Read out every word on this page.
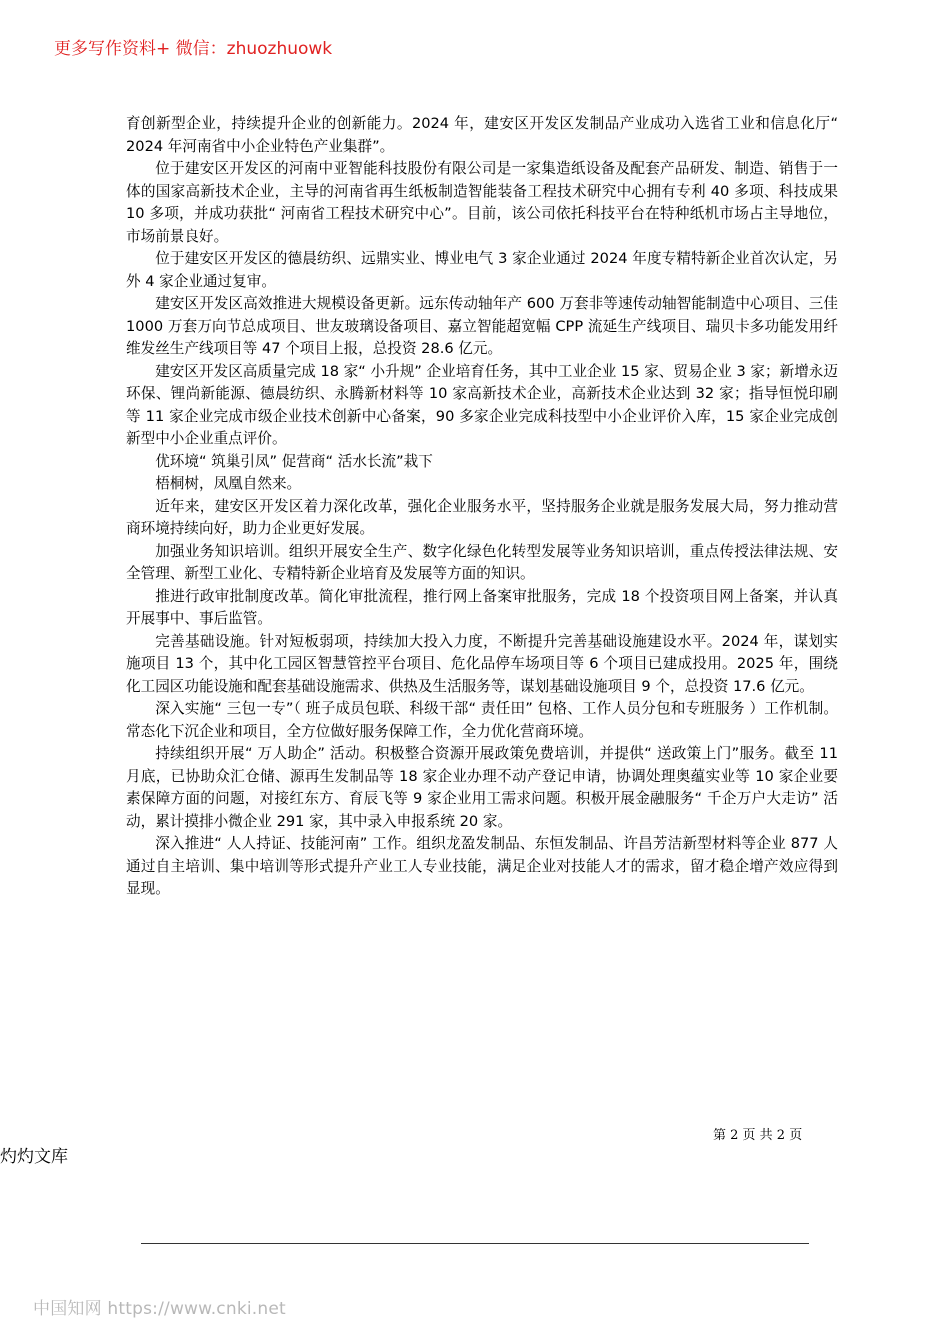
更多写作资料+ 微信：zhuozhuowk

育创新型企业，持续提升企业的创新能力。2024 年，建安区开发区发制品产业成功入选省工业和信息化厅“ 2024 年河南省中小企业特色产业集群”。

位于建安区开发区的河南中亚智能科技股份有限公司是一家集造纸设备及配套产品研发、制造、销售于一体的国家高新技术企业，主导的河南省再生纸板制造智能装备工程技术研究中心拥有专利 40 多项、科技成果 10 多项，并成功获批“ 河南省工程技术研究中心”。目前，该公司依托科技平台在特种纸机市场占主导地位，市场前景良好。

位于建安区开发区的德晨纺织、远鼎实业、博业电气 3 家企业通过 2024 年度专精特新企业首次认定，另外 4 家企业通过复审。

建安区开发区高效推进大规模设备更新。远东传动轴年产 600 万套非等速传动轴智能制造中心项目、三佳 1000 万套万向节总成项目、世友玻璃设备项目、嘉立智能超宽幅 CPP 流延生产线项目、瑞贝卡多功能发用纤维发丝生产线项目等 47 个项目上报，总投资 28.6 亿元。

建安区开发区高质量完成 18 家“ 小升规” 企业培育任务，其中工业企业 15 家、贸易企业 3 家；新增永迈环保、锂尚新能源、德晨纺织、永腾新材料等 10 家高新技术企业，高新技术企业达到 32 家；指导恒悦印刷等 11 家企业完成市级企业技术创新中心备案，90 多家企业完成科技型中小企业评价入库，15 家企业完成创新型中小企业重点评价。

优环境“ 筑巢引凤” 促营商“ 活水长流”栽下

梧桐树，凤凰自然来。

近年来，建安区开发区着力深化改革，强化企业服务水平，坚持服务企业就是服务发展大局，努力推动营商环境持续向好，助力企业更好发展。

加强业务知识培训。组织开展安全生产、数字化绿色化转型发展等业务知识培训，重点传授法律法规、安全管理、新型工业化、专精特新企业培育及发展等方面的知识。

推进行政审批制度改革。简化审批流程，推行网上备案审批服务，完成 18 个投资项目网上备案，并认真开展事中、事后监管。

完善基础设施。针对短板弱项，持续加大投入力度，不断提升完善基础设施建设水平。2024 年，谋划实施项目 13 个，其中化工园区智慧管控平台项目、危化品停车场项目等 6 个项目已建成投用。2025 年，围绕化工园区功能设施和配套基础设施需求、供热及生活服务等，谋划基础设施项目 9 个，总投资 17.6 亿元。

深入实施“ 三包一专”（ 班子成员包联、科级干部“ 责任田” 包格、工作人员分包和专班服务 ）工作机制。常态化下沉企业和项目，全方位做好服务保障工作，全力优化营商环境。

持续组织开展“ 万人助企” 活动。积极整合资源开展政策免费培训，并提供“ 送政策上门”服务。截至 11 月底，已协助众汇仓储、源再生发制品等 18 家企业办理不动产登记申请，协调处理奥蕴实业等 10 家企业要素保障方面的问题，对接红东方、育辰飞等 9 家企业用工需求问题。积极开展金融服务“ 千企万户大走访” 活动，累计摸排小微企业 291 家，其中录入申报系统 20 家。

深入推进“ 人人持证、技能河南” 工作。组织龙盈发制品、东恒发制品、许昌芳洁新型材料等企业 877 人通过自主培训、集中培训等形式提升产业工人专业技能，满足企业对技能人才的需求，留才稳企增产效应得到显现。

第 2 页 共 2 页
灼灼文库
中国知网 https://www.cnki.net
